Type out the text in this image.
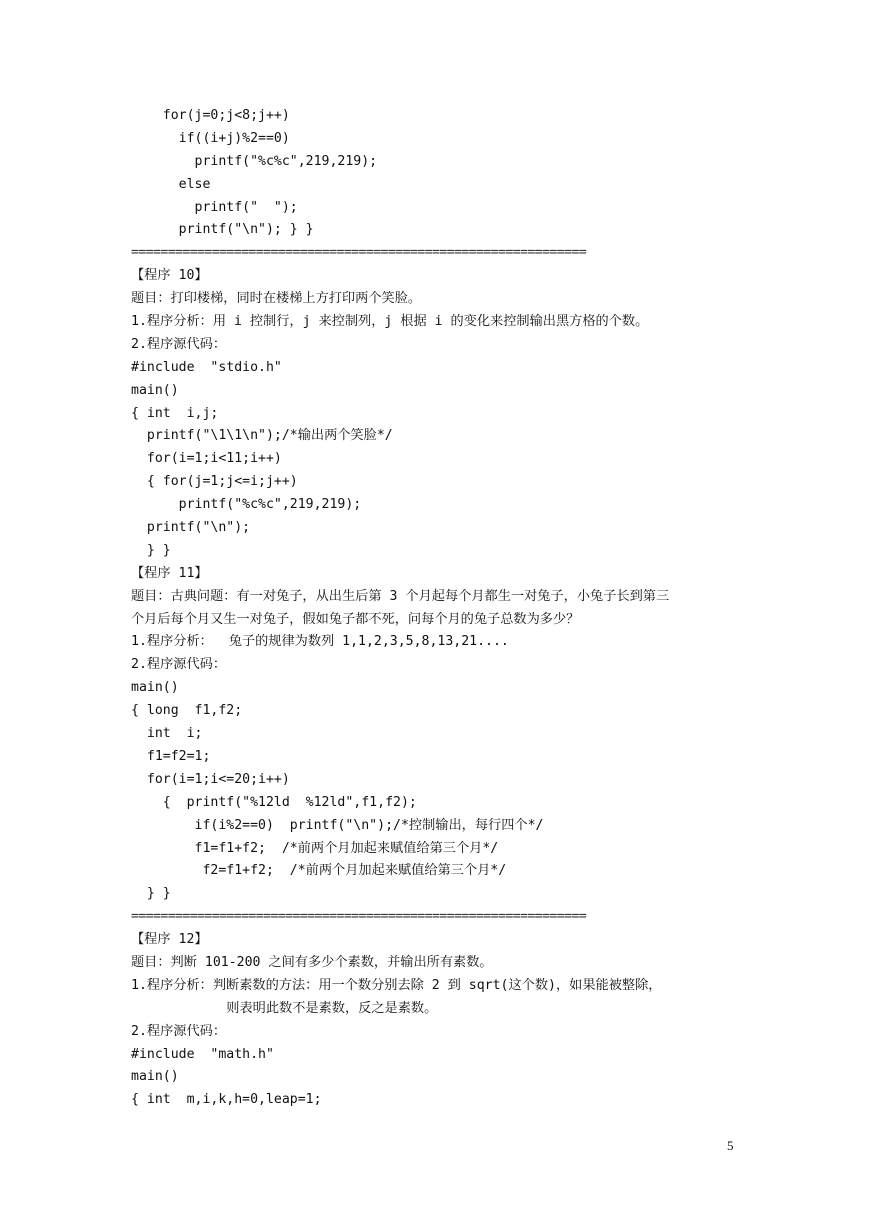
for(j=0;j<8;j++)
if((i+j)%2==0)
printf("%c%c",219,219);
else
printf("  ");
printf("\n"); } }
==============================================================
【程序 10】
题目：打印楼梯，同时在楼梯上方打印两个笑脸。
1.程序分析：用 i 控制行，j 来控制列，j 根据 i 的变化来控制输出黑方格的个数。
2.程序源代码：
#include  "stdio.h"
main()
{ int  i,j;
printf("\1\1\n");/*输出两个笑脸*/
for(i=1;i<11;i++)
{ for(j=1;j<=i;j++)
printf("%c%c",219,219);
printf("\n");
} }
【程序 11】
题目：古典问题：有一对兔子，从出生后第 3 个月起每个月都生一对兔子，小兔子长到第三
个月后每个月又生一对兔子，假如兔子都不死，问每个月的兔子总数为多少？
1.程序分析：  兔子的规律为数列 1,1,2,3,5,8,13,21....
2.程序源代码：
main()
{ long  f1,f2;
int  i;
f1=f2=1;
for(i=1;i<=20;i++)
{  printf("%12ld  %12ld",f1,f2);
if(i%2==0)  printf("\n");/*控制输出，每行四个*/
f1=f1+f2;  /*前两个月加起来赋值给第三个月*/
f2=f1+f2;  /*前两个月加起来赋值给第三个月*/
} }
==============================================================
【程序 12】
题目：判断 101-200 之间有多少个素数，并输出所有素数。
1.程序分析：判断素数的方法：用一个数分别去除 2 到 sqrt(这个数)，如果能被整除，
则表明此数不是素数，反之是素数。
2.程序源代码：
#include  "math.h"
main()
{ int  m,i,k,h=0,leap=1;
5
